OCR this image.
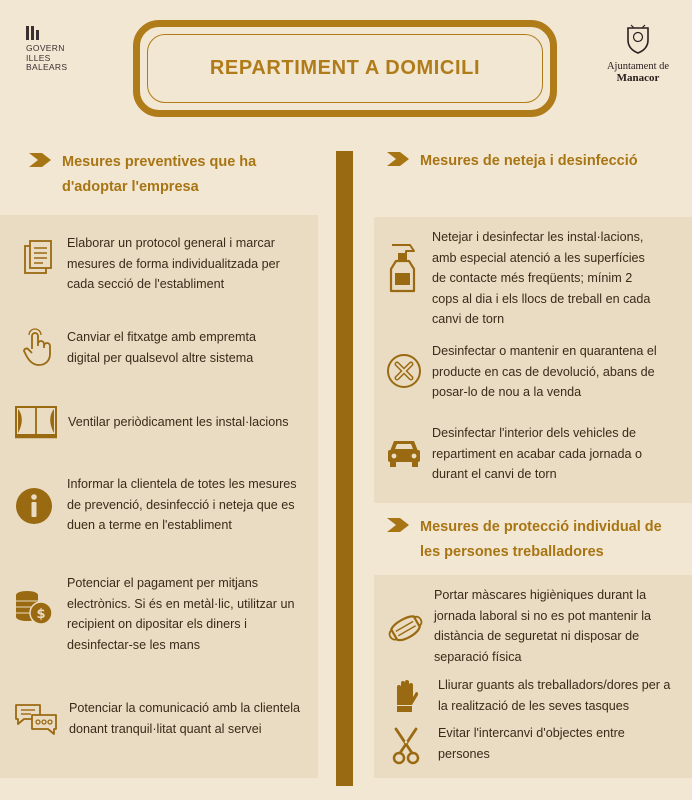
GOVERN
ILLES
BALEARS	Ajuntament de
Manacor
REPARTIMENT A DOMICILI
Mesures preventives que ha
d'adoptar l'empresa
Elaborar un protocol general i marcar
mesures de forma individualitzada per
cada secció de l'establiment
Canviar el fitxatge amb empremta
digital per qualsevol altre sistema
Ventilar periòdicament les instal·lacions
Informar la clientela de totes les mesures
de prevenció, desinfecció i neteja que es
duen a terme en l'establiment
$
Potenciar el pagament per mitjans
electrònics. Si és en metàl·lic, utilitzar un
recipient on dipositar els diners i
desinfectar-se les mans
Potenciar la comunicació amb la clientela
donant tranquil·litat quant al servei
Mesures de neteja i desinfecció
Netejar i desinfectar les instal·lacions,
amb especial atenció a les superfícies
de contacte més freqüents; mínim 2
cops al dia i els llocs de treball en cada
canvi de torn
Desinfectar o mantenir en quarantena el
producte en cas de devolució, abans de
posar-lo de nou a la venda
Desinfectar l'interior dels vehicles de
repartiment en acabar cada jornada o
durant el canvi de torn
Mesures de protecció individual de
les persones treballadores
Portar màscares higièniques durant la
jornada laboral si no es pot mantenir la
distància de seguretat ni disposar de
separació física
Lliurar guants als treballadors/dores per a
la realització de les seves tasques
Evitar l'intercanvi d'objectes entre
persones
